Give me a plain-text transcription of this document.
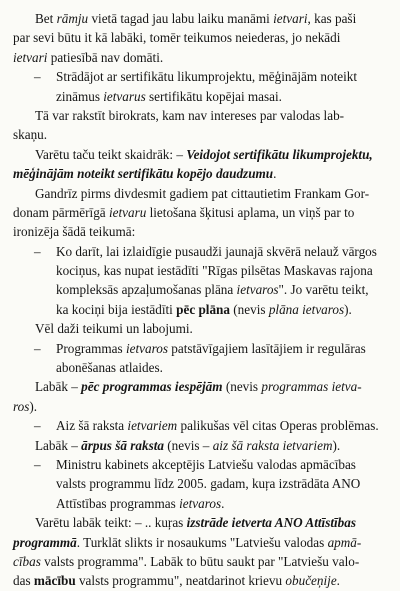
Bet rāmju vietā tagad jau labu laiku manāmi ietvari, kas paši
par sevi būtu it kā labāki, tomēr teikumos neiederas, jo nekādi
ietvari patiesībā nav domāti.
– Strādājot ar sertifikātu likumprojektu, mēģinājām noteikt
zināmus ietvarus sertifikātu kopējai masai.
Tā var rakstīt birokrats, kam nav intereses par valodas lab-
skaņu.
Varētu taču teikt skaidrāk: – Veidojot sertifikātu likumprojektu,
mēģinājām noteikt sertifikātu kopējo daudzumu.
Gandrīz pirms divdesmit gadiem pat cittautietim Frankam Gor-
donam pārmērīgā ietvaru lietošana šķitusi aplama, un viņš par to
ironizēja šādā teikumā:
– Ko darīt, lai izlaidīgie pusaudži jaunajā skvērā nelauž vārgos
kociņus, kas nupat iestādīti "Rīgas pilsētas Maskavas rajona
kompleksās apzaļumošanas plāna ietvaros". Jo varētu teikt,
ka kociņi bija iestādīti pēc plāna (nevis plāna ietvaros).
Vēl daži teikumi un labojumi.
– Programmas ietvaros patstāvīgajiem lasītājiem ir regulāras
abonēšanas atlaides.
Labāk – pēc programmas iespējām (nevis programmas ietva-
ros).
– Aiz šā raksta ietvariem palikušas vēl citas Operas problēmas.
Labāk – ārpus šā raksta (nevis – aiz šā raksta ietvariem).
– Ministru kabinets akceptējis Latviešu valodas apmācības
valsts programmu līdz 2005. gadam, kuŗa izstrādāta ANO
Attīstības programmas ietvaros.
Varētu labāk teikt: – .. kuŗas izstrāde ietverta ANO Attīstības
programmā. Turklāt slikts ir nosaukums "Latviešu valodas apmā-
cības valsts programma". Labāk to būtu saukt par "Latviešu valo-
das mācību valsts programmu", neatdarinot krievu obučeņije.
